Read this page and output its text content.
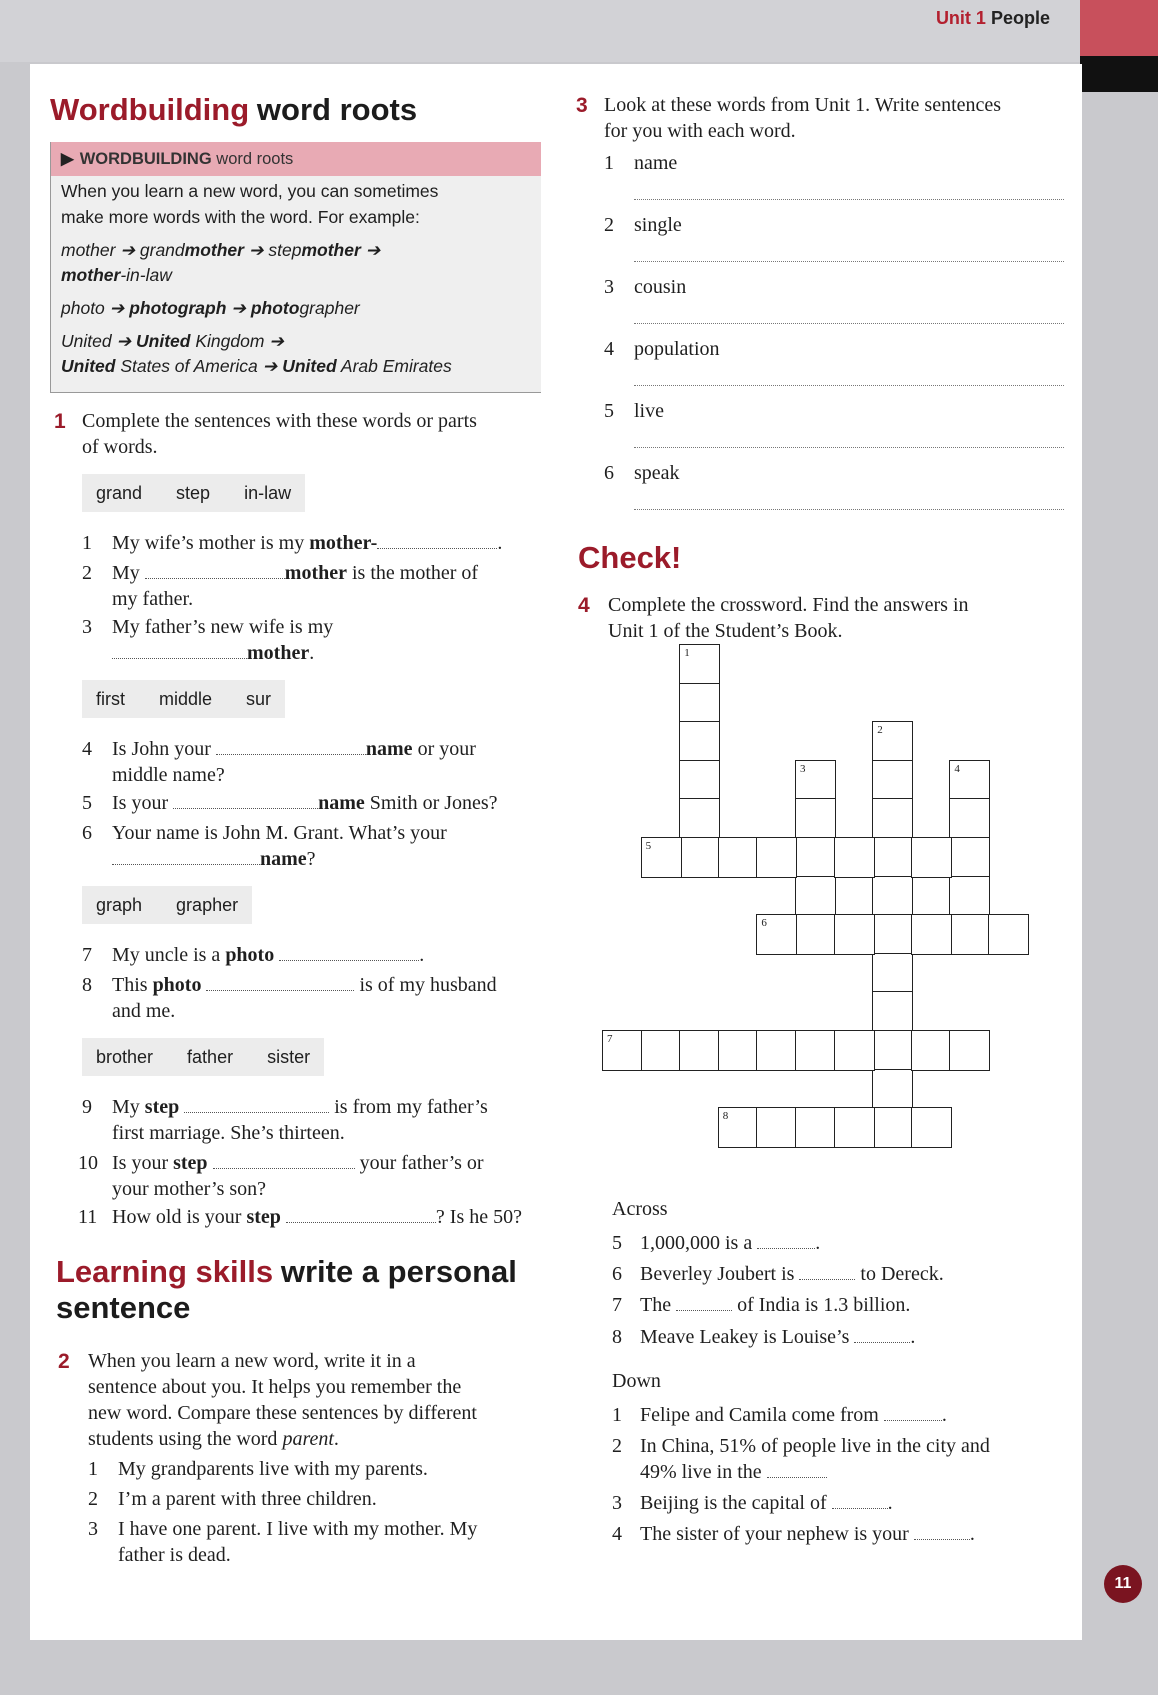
Unit 1 People
Wordbuilding word roots
▶ WORDBUILDING word roots
When you learn a new word, you can sometimes
make more words with the word. For example:
mother ➔ grandmother ➔ stepmother ➔
mother-in-law
photo ➔ photograph ➔ photographer
United ➔ United Kingdom ➔
United States of America ➔ United Arab Emirates
1 Complete the sentences with these words or parts
of words.
grand step in-law
1 My wife’s mother is my mother-	.
2 My	mother is the mother of
my father.
3 My father’s new wife is my
mother.
first middle sur
4 Is John your	name or your
middle name?
5 Is your	name Smith or Jones?
6 Your name is John M. Grant. What’s your
name?
graph grapher
7 My uncle is a photo	.
8 This photo	is of my husband
and me.
brother father sister
9 My step	is from my father’s
first marriage. She’s thirteen.
10 Is your step	your father’s or
your mother’s son?
11 How old is your step	? Is he 50?
Learning skills write a personal
sentence
2 When you learn a new word, write it in a
sentence about you. It helps you remember the
new word. Compare these sentences by different
students using the word parent.
1 My grandparents live with my parents.
2 I’m a parent with three children.
3 I have one parent. I live with my mother. My
father is dead.
3 Look at these words from Unit 1. Write sentences
for you with each word.
1 name
2 single
3 cousin
4 population
5 live
6 speak
Check!
4 Complete the crossword. Find the answers in
Unit 1 of the Student’s Book.
1
2
3	4
5
6
7
8
Across
5 1,000,000 is a	.
6 Beverley Joubert is	to Dereck.
7 The	of India is 1.3 billion.
8 Meave Leakey is Louise’s	.
Down
1 Felipe and Camila come from	.
2 In China, 51% of people live in the city and
49% live in the
3 Beijing is the capital of	.
4 The sister of your nephew is your	.
11
